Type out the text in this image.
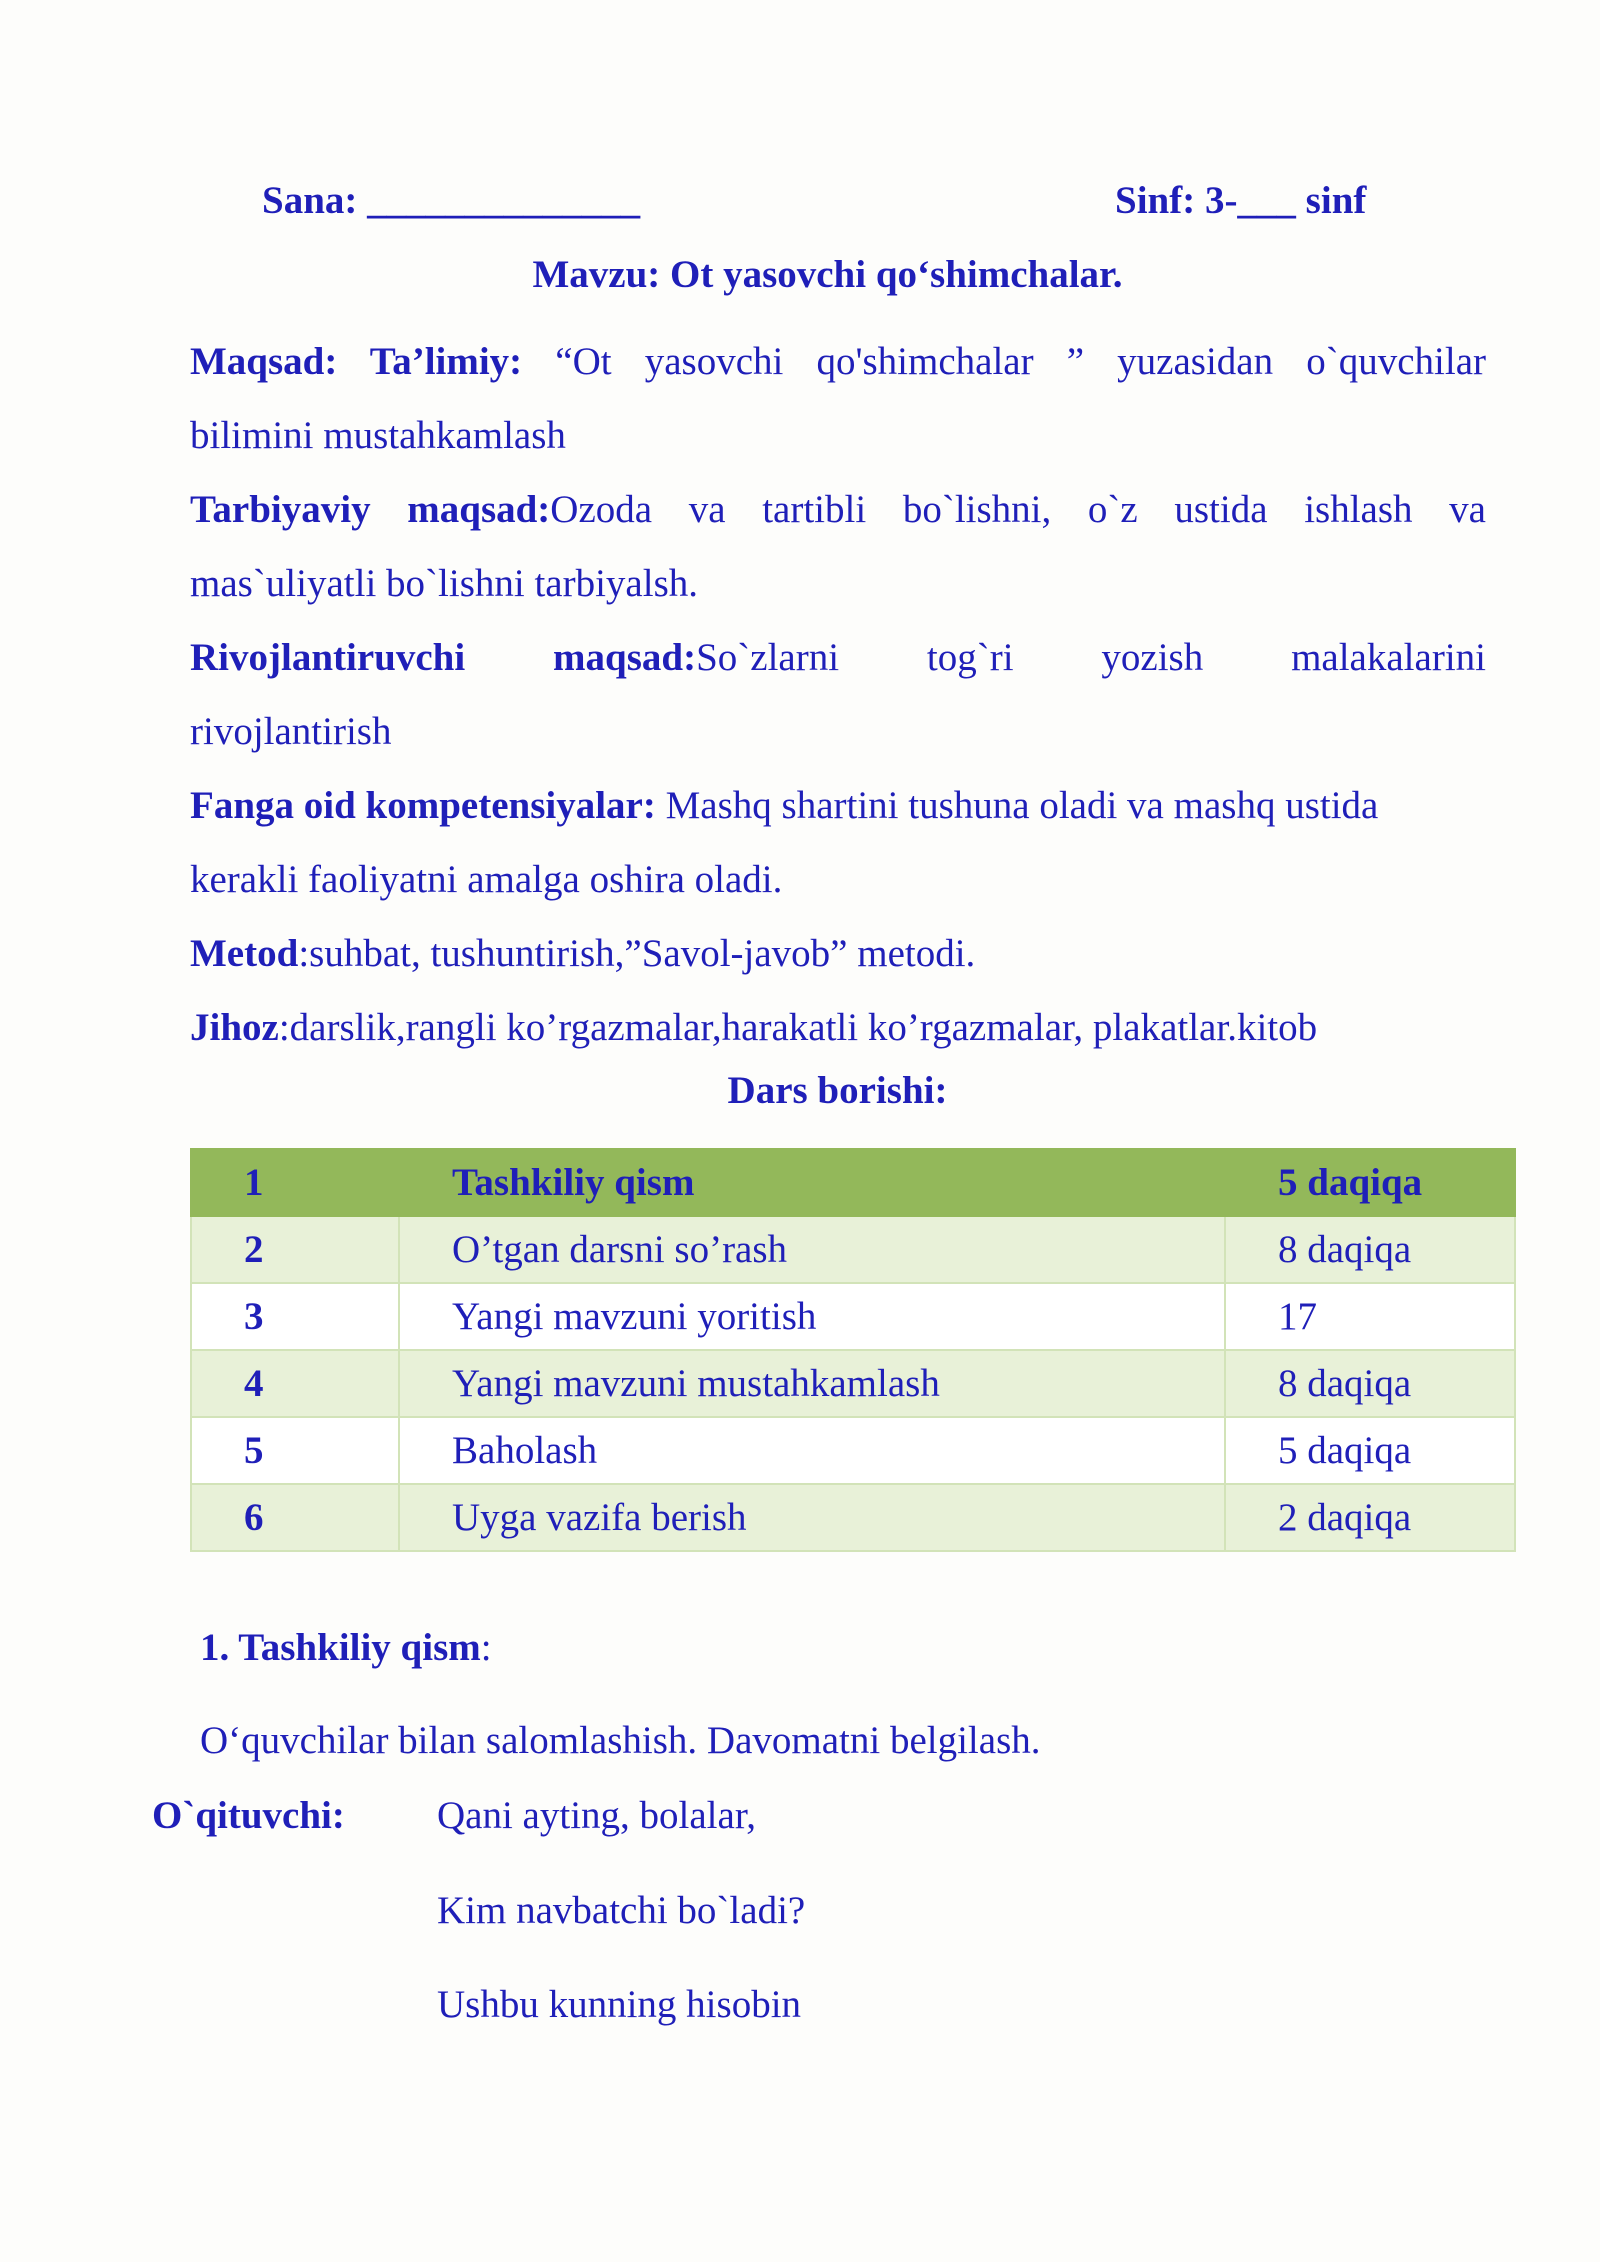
Sana: ______________	Sinf: 3-___ sinf
Mavzu: Ot yasovchi qo‘shimchalar.
Maqsad: Ta’limiy: “Ot yasovchi qo'shimchalar ” yuzasidan o`quvchilar
bilimini mustahkamlash
Tarbiyaviy maqsad:Ozoda va tartibli bo`lishni, o`z ustida ishlash va
mas`uliyatli bo`lishni tarbiyalsh.
Rivojlantiruvchi maqsad:So`zlarni tog`ri yozish malakalarini
rivojlantirish
Fanga oid kompetensiyalar: Mashq shartini tushuna oladi va mashq ustida
kerakli faoliyatni amalga oshira oladi.
Metod:suhbat, tushuntirish,”Savol-javob” metodi.
Jihoz:darslik,rangli ko’rgazmalar,harakatli ko’rgazmalar, plakatlar.kitob
Dars borishi:
1	Tashkiliy qism	5 daqiqa
2	O’tgan darsni so’rash	8 daqiqa
3	Yangi mavzuni yoritish	17
4	Yangi mavzuni mustahkamlash	8 daqiqa
5	Baholash	5 daqiqa
6	Uyga vazifa berish	2 daqiqa
1. Tashkiliy qism:
O‘quvchilar bilan salomlashish. Davomatni belgilash.
O`qituvchi: Qani ayting, bolalar,
Kim navbatchi bo`ladi?
Ushbu kunning hisobin
